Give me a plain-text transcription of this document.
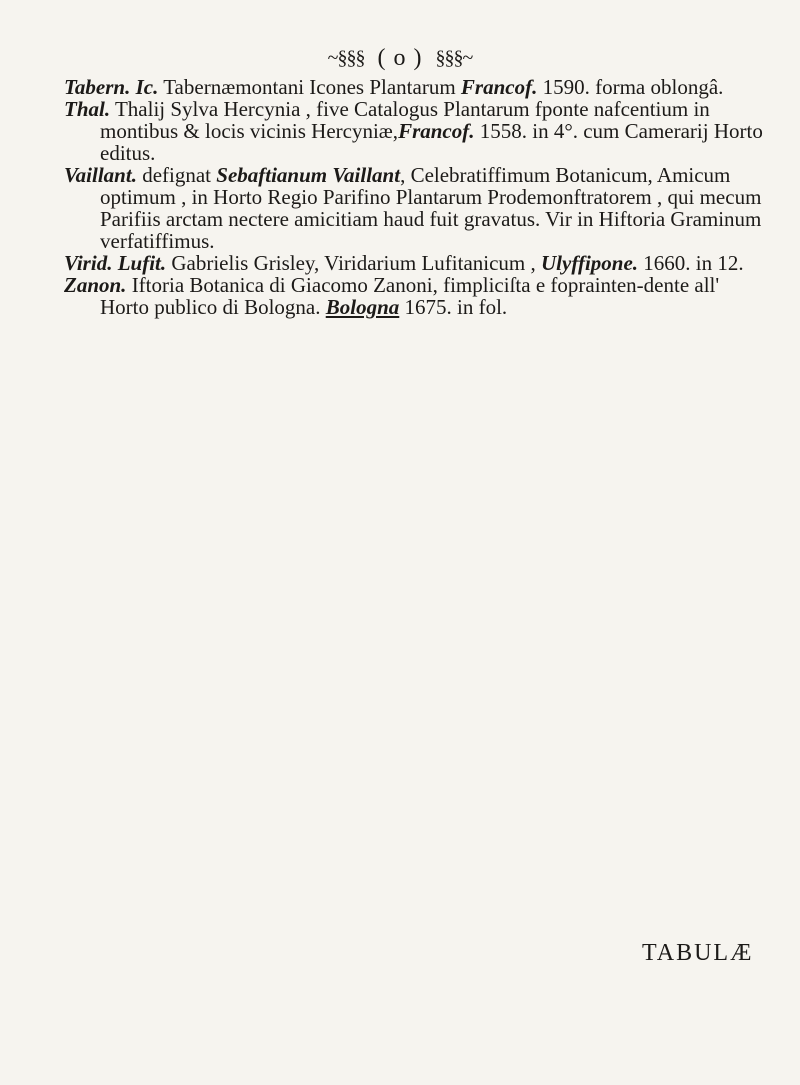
~§§§ ( o ) §§§~

Tabern. Ic. Tabernæmontani Icones Plantarum Francof. 1590. forma oblongâ.

Thal. Thalij Sylva Hercynia , five Catalogus Plantarum fponte nafcentium in montibus & locis vicinis Hercyniæ,Francof. 1558. in 4°. cum Camerarij Horto editus.

Vaillant. defignat Sebaftianum Vaillant, Celebratiffimum Botanicum, Amicum optimum , in Horto Regio Parifino Plantarum Prodemonftratorem , qui mecum Parifiis arctam nectere amicitiam haud fuit gravatus. Vir in Hiftoria Graminum verfatiffimus.

Virid. Lufit. Gabrielis Grisley, Viridarium Lufitanicum , Ulyffipone. 1660. in 12.

Zanon. Iftoria Botanica di Giacomo Zanoni, fimpliciſta e foprainten-dente all' Horto publico di Bologna. Bologna 1675. in fol.

TABULÆ
